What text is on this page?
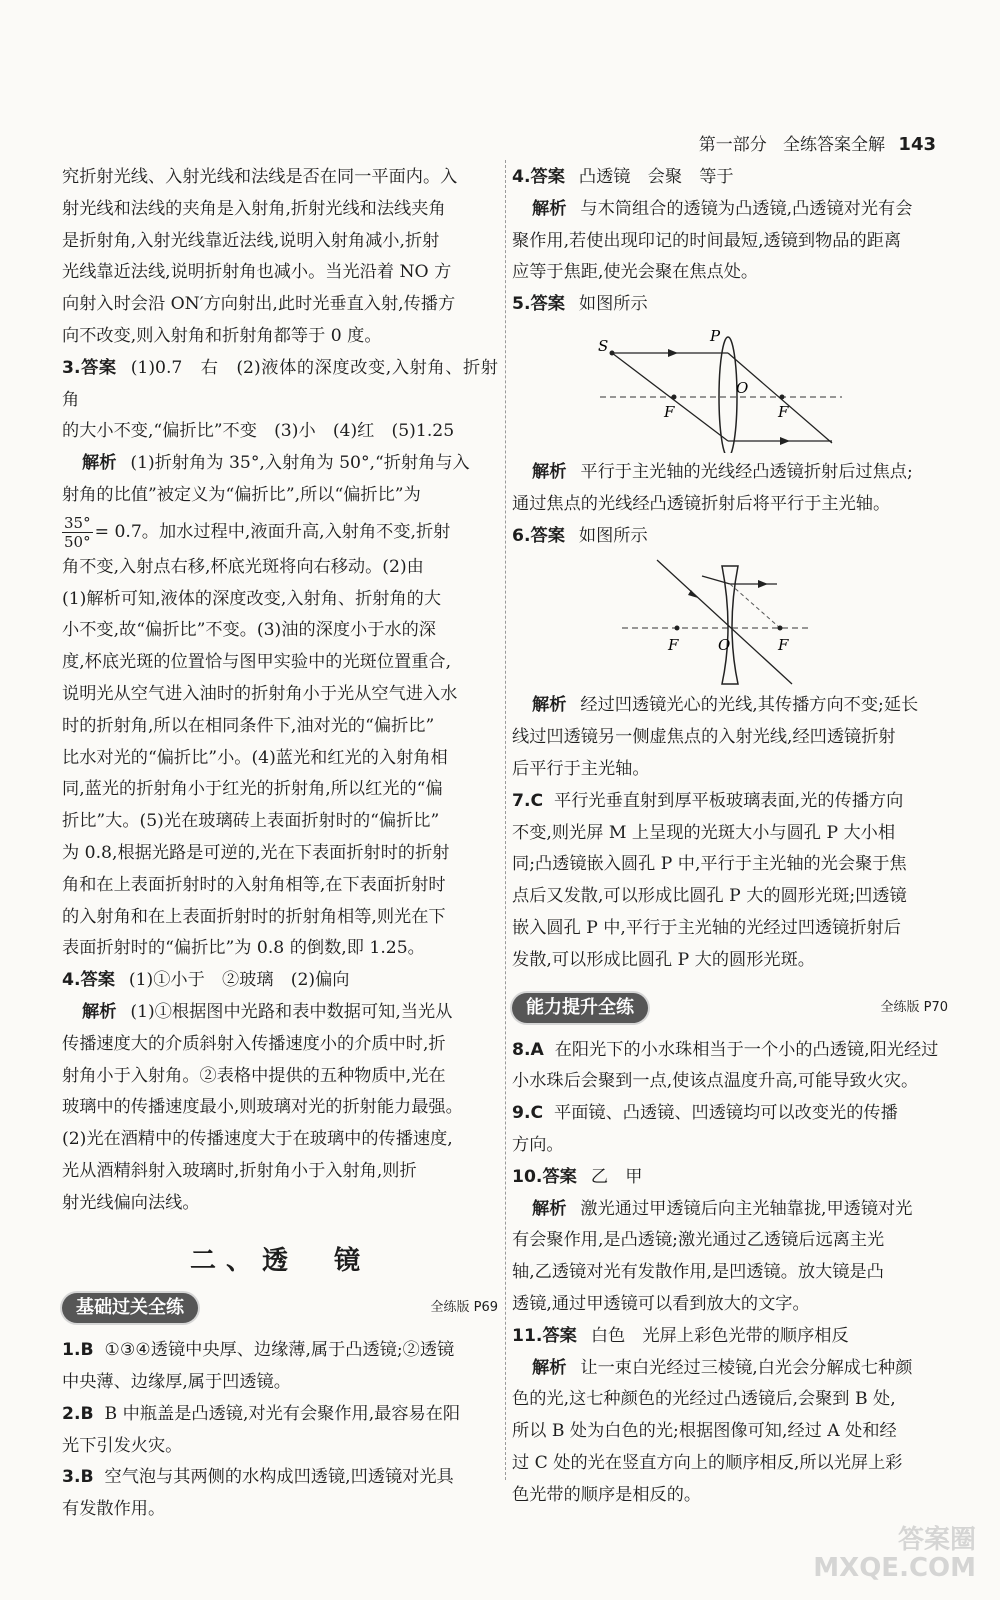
第一部分 全练答案全解 143

究折射光线、入射光线和法线是否在同一平面内。入

射光线和法线的夹角是入射角,折射光线和法线夹角

是折射角,入射光线靠近法线,说明入射角减小,折射

光线靠近法线,说明折射角也减小。当光沿着 NO 方

向射入时会沿 ON′方向射出,此时光垂直入射,传播方

向不改变,则入射角和折射角都等于 0 度。

3.答案 (1)0.7　右　(2)液体的深度改变,入射角、折射角

的大小不变,“偏折比”不变　(3)小　(4)红　(5)1.25

解析 (1)折射角为 35°,入射角为 50°,“折射角与入

射角的比值”被定义为“偏折比”,所以“偏折比”为

$\frac{35^\circ}{50^\circ} = 0.7$。加水过程中,液面升高,入射角不变,折射

角不变,入射点右移,杯底光斑将向右移动。(2)由

(1)解析可知,液体的深度改变,入射角、折射角的大

小不变,故“偏折比”不变。(3)油的深度小于水的深

度,杯底光斑的位置恰与图甲实验中的光斑位置重合,

说明光从空气进入油时的折射角小于光从空气进入水

时的折射角,所以在相同条件下,油对光的“偏折比”

比水对光的“偏折比”小。(4)蓝光和红光的入射角相

同,蓝光的折射角小于红光的折射角,所以红光的“偏

折比”大。(5)光在玻璃砖上表面折射时的“偏折比”

为 0.8,根据光路是可逆的,光在下表面折射时的折射

角和在上表面折射时的入射角相等,在下表面折射时

的入射角和在上表面折射时的折射角相等,则光在下

表面折射时的“偏折比”为 0.8 的倒数,即 1.25。

4.答案 (1)①小于　②玻璃　(2)偏向

解析 (1)①根据图中光路和表中数据可知,当光从

传播速度大的介质斜射入传播速度小的介质中时,折

射角小于入射角。②表格中提供的五种物质中,光在

玻璃中的传播速度最小,则玻璃对光的折射能力最强。

(2)光在酒精中的传播速度大于在玻璃中的传播速度,

光从酒精斜射入玻璃时,折射角小于入射角,则折

射光线偏向法线。

二、透　镜
基础过关全练	全练版 P69

1.B ①③④透镜中央厚、边缘薄,属于凸透镜;②透镜

中央薄、边缘厚,属于凹透镜。

2.B B 中瓶盖是凸透镜,对光有会聚作用,最容易在阳

光下引发火灾。

3.B 空气泡与其两侧的水构成凹透镜,凹透镜对光具

有发散作用。

4.答案 凸透镜　会聚　等于

解析 与木筒组合的透镜为凸透镜,凸透镜对光有会

聚作用,若使出现印记的时间最短,透镜到物品的距离

应等于焦距,使光会聚在焦点处。

5.答案 如图所示

S
P
O
F	F

解析 平行于主光轴的光线经凸透镜折射后过焦点;

通过焦点的光线经凸透镜折射后将平行于主光轴。

6.答案 如图所示

F	O	F

解析 经过凹透镜光心的光线,其传播方向不变;延长

线过凹透镜另一侧虚焦点的入射光线,经凹透镜折射

后平行于主光轴。

7.C 平行光垂直射到厚平板玻璃表面,光的传播方向

不变,则光屏 M 上呈现的光斑大小与圆孔 P 大小相

同;凸透镜嵌入圆孔 P 中,平行于主光轴的光会聚于焦

点后又发散,可以形成比圆孔 P 大的圆形光斑;凹透镜

嵌入圆孔 P 中,平行于主光轴的光经过凹透镜折射后

发散,可以形成比圆孔 P 大的圆形光斑。

能力提升全练	全练版 P70

8.A 在阳光下的小水珠相当于一个小的凸透镜,阳光经过

小水珠后会聚到一点,使该点温度升高,可能导致火灾。

9.C 平面镜、凸透镜、凹透镜均可以改变光的传播

方向。

10.答案 乙　甲

解析 激光通过甲透镜后向主光轴靠拢,甲透镜对光

有会聚作用,是凸透镜;激光通过乙透镜后远离主光

轴,乙透镜对光有发散作用,是凹透镜。放大镜是凸

透镜,通过甲透镜可以看到放大的文字。

11.答案 白色　光屏上彩色光带的顺序相反

解析 让一束白光经过三棱镜,白光会分解成七种颜

色的光,这七种颜色的光经过凸透镜后,会聚到 B 处,

所以 B 处为白色的光;根据图像可知,经过 A 处和经

过 C 处的光在竖直方向上的顺序相反,所以光屏上彩

色光带的顺序是相反的。

答案圈
MXQE.COM
